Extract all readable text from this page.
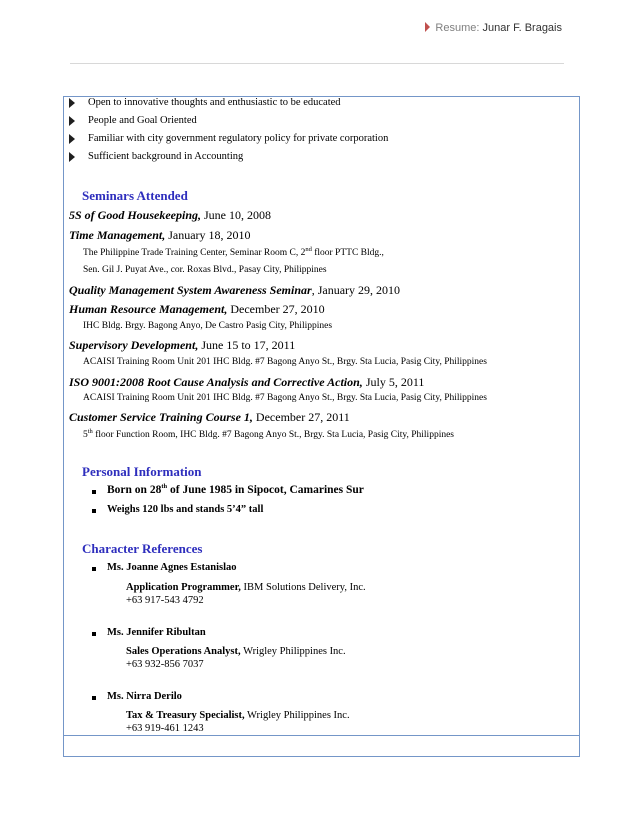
Resume: Junar F. Bragais
Open to innovative thoughts and enthusiastic to be educated
People and Goal Oriented
Familiar with city government regulatory policy for private corporation
Sufficient background in Accounting
Seminars Attended
5S of Good Housekeeping, June 10, 2008
Time Management, January 18, 2010
The Philippine Trade Training Center, Seminar Room C, 2nd floor PTTC Bldg.,
Sen. Gil J. Puyat Ave., cor. Roxas Blvd., Pasay City, Philippines
Quality Management System Awareness Seminar, January 29, 2010
Human Resource Management, December 27, 2010
IHC Bldg. Brgy. Bagong Anyo, De Castro Pasig City, Philippines
Supervisory Development, June 15 to 17, 2011
ACAISI Training Room Unit 201 IHC Bldg. #7 Bagong Anyo St., Brgy. Sta Lucia, Pasig City, Philippines
ISO 9001:2008 Root Cause Analysis and Corrective Action, July 5, 2011
ACAISI Training Room Unit 201 IHC Bldg. #7 Bagong Anyo St., Brgy. Sta Lucia, Pasig City, Philippines
Customer Service Training Course 1, December 27, 2011
5th floor Function Room, IHC Bldg. #7 Bagong Anyo St., Brgy. Sta Lucia, Pasig City, Philippines
Personal Information
Born on 28th of June 1985 in Sipocot, Camarines Sur
Weighs 120 lbs and stands 5’4” tall
Character References
Ms. Joanne Agnes Estanislao
Application Programmer, IBM Solutions Delivery, Inc.
+63 917-543 4792
Ms. Jennifer Ribultan
Sales Operations Analyst, Wrigley Philippines Inc.
+63 932-856 7037
Ms. Nirra Derilo
Tax & Treasury Specialist, Wrigley Philippines Inc.
+63 919-461 1243
